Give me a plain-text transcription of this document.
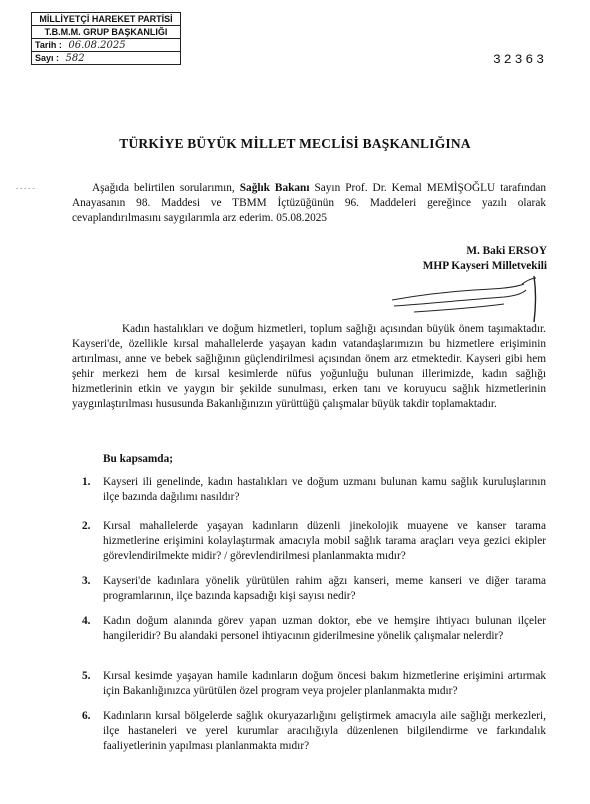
MİLLİYETÇİ HAREKET PARTİSİ
T.B.M.M. GRUP BAŞKANLIĞI
Tarih : 06.08.2025
Sayı : 582	32363
TÜRKİYE BÜYÜK MİLLET MECLİSİ BAŞKANLIĞINA
- - - - -	Aşağıda belirtilen sorularımın, Sağlık Bakanı Sayın Prof. Dr. Kemal MEMİŞOĞLU tarafından Anayasanın 98. Maddesi ve TBMM İçtüzüğünün 96. Maddeleri gereğince yazılı olarak cevaplandırılmasını saygılarımla arz ederim. 05.08.2025

M. Baki ERSOY
MHP Kayseri Milletvekili

Kadın hastalıkları ve doğum hizmetleri, toplum sağlığı açısından büyük önem taşımaktadır. Kayseri'de, özellikle kırsal mahallelerde yaşayan kadın vatandaşlarımızın bu hizmetlere erişiminin artırılması, anne ve bebek sağlığının güçlendirilmesi açısından önem arz etmektedir. Kayseri gibi hem şehir merkezi hem de kırsal kesimlerde nüfus yoğunluğu bulunan illerimizde, kadın sağlığı hizmetlerinin etkin ve yaygın bir şekilde sunulması, erken tanı ve koruyucu sağlık hizmetlerinin yaygınlaştırılması hususunda Bakanlığınızın yürüttüğü çalışmalar büyük takdir toplamaktadır.

Bu kapsamda;
1.	Kayseri ili genelinde, kadın hastalıkları ve doğum uzmanı bulunan kamu sağlık kuruluşlarının ilçe bazında dağılımı nasıldır?
2.	Kırsal mahallelerde yaşayan kadınların düzenli jinekolojik muayene ve kanser tarama hizmetlerine erişimini kolaylaştırmak amacıyla mobil sağlık tarama araçları veya gezici ekipler görevlendirilmekte midir? / görevlendirilmesi planlanmakta mıdır?
3.	Kayseri'de kadınlara yönelik yürütülen rahim ağzı kanseri, meme kanseri ve diğer tarama programlarının, ilçe bazında kapsadığı kişi sayısı nedir?
4.	Kadın doğum alanında görev yapan uzman doktor, ebe ve hemşire ihtiyacı bulunan ilçeler hangileridir? Bu alandaki personel ihtiyacının giderilmesine yönelik çalışmalar nelerdir?
5.	Kırsal kesimde yaşayan hamile kadınların doğum öncesi bakım hizmetlerine erişimini artırmak için Bakanlığınızca yürütülen özel program veya projeler planlanmakta mıdır?
6.	Kadınların kırsal bölgelerde sağlık okuryazarlığını geliştirmek amacıyla aile sağlığı merkezleri, ilçe hastaneleri ve yerel kurumlar aracılığıyla düzenlenen bilgilendirme ve farkındalık faaliyetlerinin yapılması planlanmakta mıdır?
